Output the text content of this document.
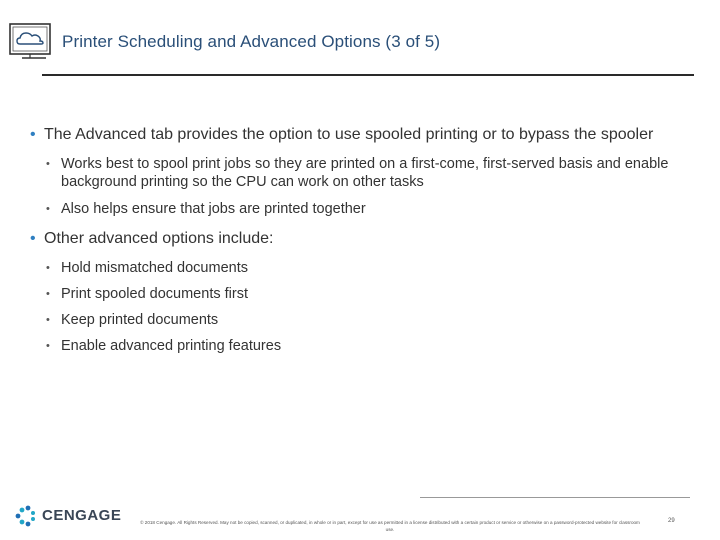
Printer Scheduling and Advanced Options (3 of 5)
• The Advanced tab provides the option to use spooled printing or to bypass the spooler
• Works best to spool print jobs so they are printed on a first-come, first-served basis and enable background printing so the CPU can work on other tasks
• Also helps ensure that jobs are printed together
• Other advanced options include:
• Hold mismatched documents
• Print spooled documents first
• Keep printed documents
• Enable advanced printing features
CENGAGE	© 2018 Cengage. All Rights Reserved. May not be copied, scanned, or duplicated, in whole or in part, except for use as permitted in a license distributed with a certain product or service or otherwise on a password-protected website for classroom use.
29
